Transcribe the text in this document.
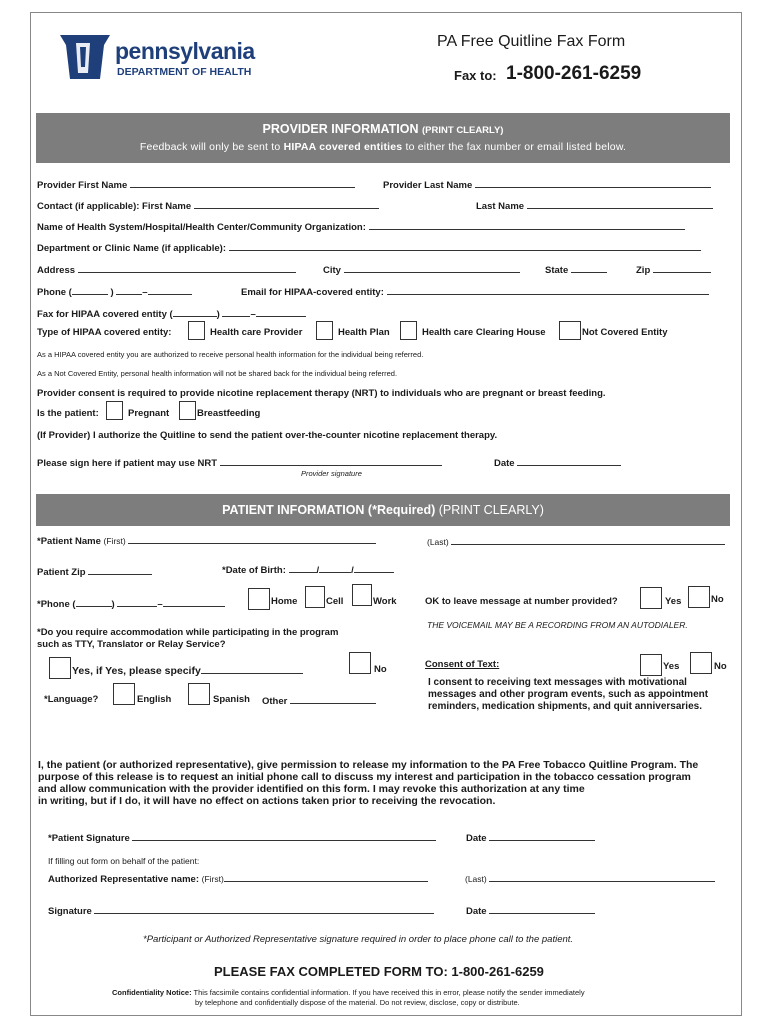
pennsylvania
DEPARTMENT OF HEALTH
PA Free Quitline Fax Form
Fax to: 1-800-261-6259
PROVIDER INFORMATION (PRINT CLEARLY)
Feedback will only be sent to HIPAA covered entities to either the fax number or email listed below.
Provider First Name	Provider Last Name
Contact (if applicable): First Name	Last Name
Name of Health System/Hospital/Health Center/Community Organization:
Department or Clinic Name (if applicable):
Address	City	State	Zip
Phone (	)	–	Email for HIPAA-covered entity:
Fax for HIPAA covered entity (	)	–
Type of HIPAA covered entity:	Health care Provider	Health Plan	Health care Clearing House	Not Covered Entity
As a HIPAA covered entity you are authorized to receive personal health information for the individual being referred.
As a Not Covered Entity, personal health information will not be shared back for the individual being referred.
Provider consent is required to provide nicotine replacement therapy (NRT) to individuals who are pregnant or breast feeding.
Is the patient:	Pregnant	Breastfeeding
(If Provider) I authorize the Quitline to send the patient over-the-counter nicotine replacement therapy.
Please sign here if patient may use NRT	Date
Provider signature
PATIENT INFORMATION (*Required) (PRINT CLEARLY)
*Patient Name (First)	(Last)
Patient Zip	*Date of Birth:	/	/
*Phone (	)	–	Home	Cell	Work	OK to leave message at number provided?	Yes	No
THE VOICEMAIL MAY BE A RECORDING FROM AN AUTODIALER.
*Do you require accommodation while participating in the program
such as TTY, Translator or Relay Service?
Yes, if Yes, please specify	No	Consent of Text:	Yes	No
I consent to receiving text messages with motivational
messages and other program events, such as appointment
reminders, medication shipments, and quit anniversaries.
*Language?	English	Spanish Other
I, the patient (or authorized representative), give permission to release my information to the PA Free Tobacco Quitline Program. The
purpose of this release is to request an initial phone call to discuss my interest and participation in the tobacco cessation program
and allow communication with the provider identified on this form. I may revoke this authorization at any time
in writing, but if I do, it will have no effect on actions taken prior to receiving the revocation.
*Patient Signature	Date
If filling out form on behalf of the patient:
Authorized Representative name: (First)	(Last)
Signature	Date
*Participant or Authorized Representative signature required in order to place phone call to the patient.
PLEASE FAX COMPLETED FORM TO: 1-800-261-6259
Confidentiality Notice: This facsimile contains confidential information. If you have received this in error, please notify the sender immediately
by telephone and confidentially dispose of the material. Do not review, disclose, copy or distribute.
